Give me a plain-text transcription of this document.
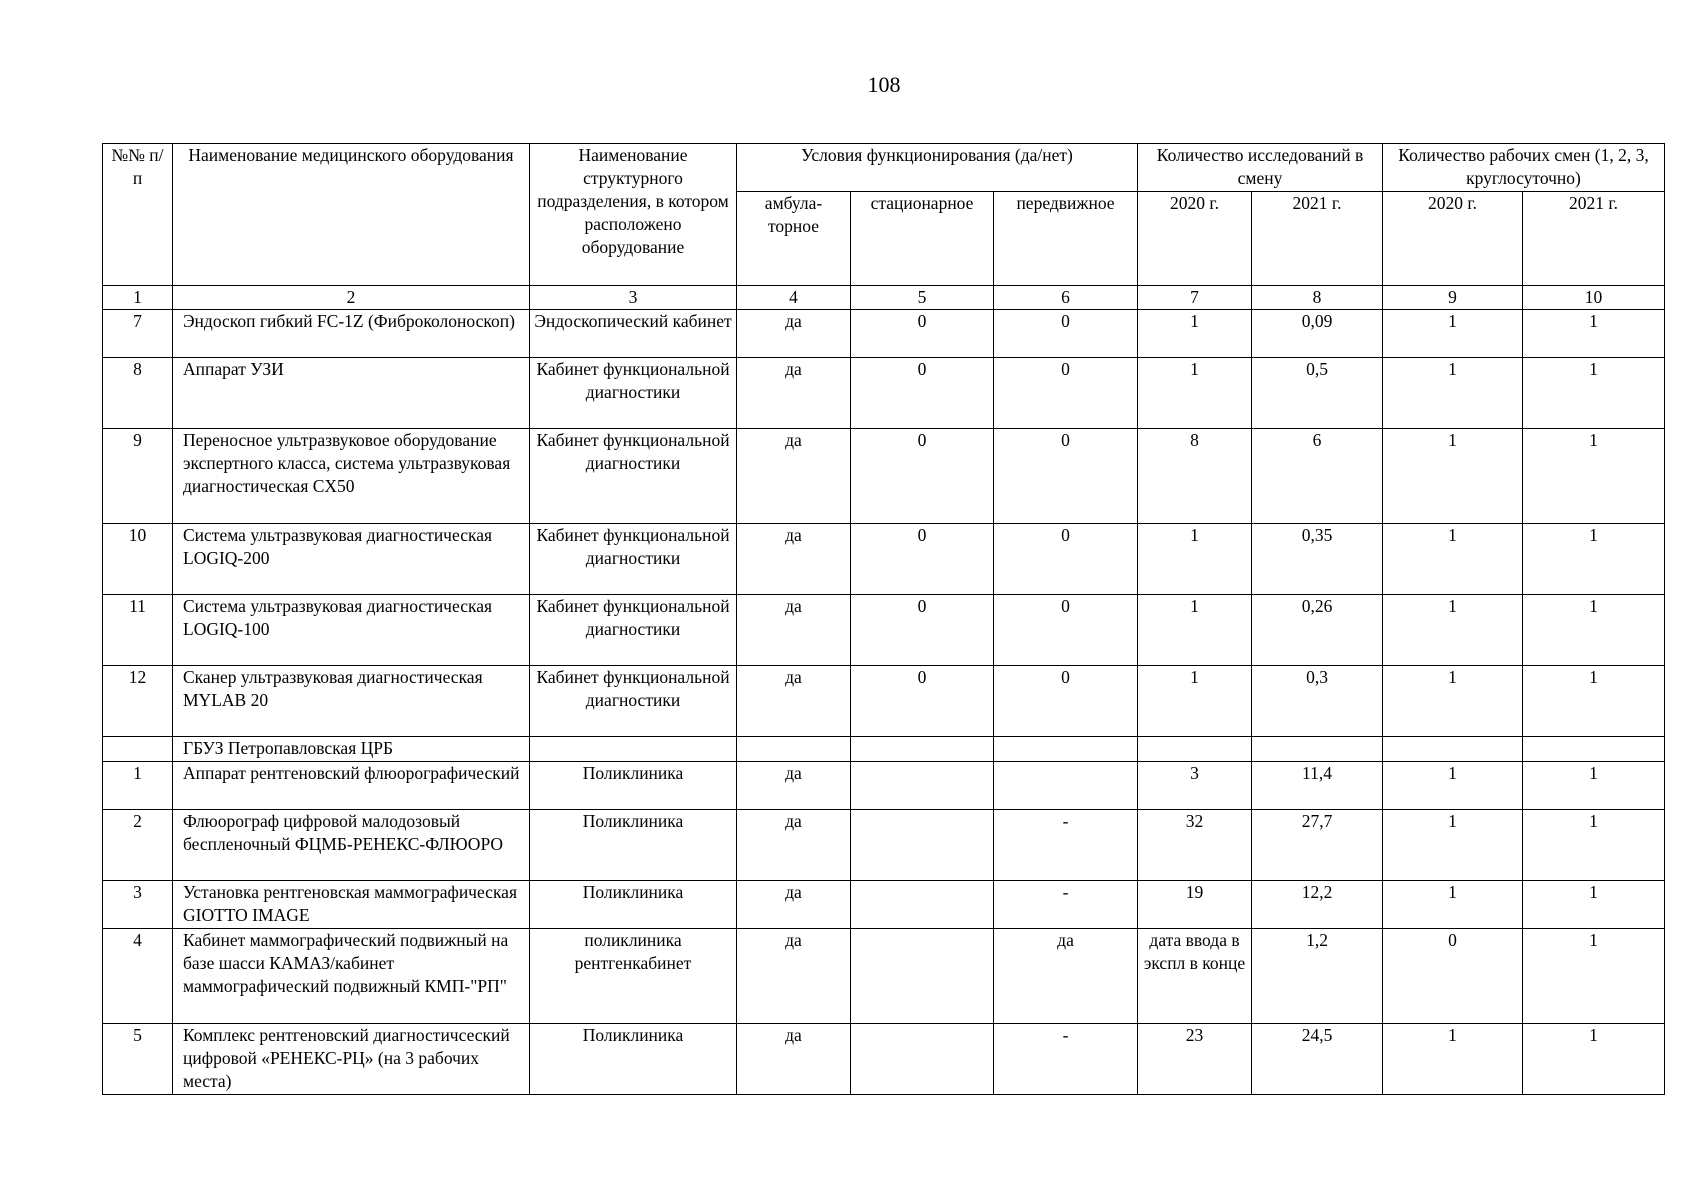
108
№№ п/п	Наименование медицинского оборудования	Наименование структурного подразделения, в котором расположено оборудование	Условия функционирования (да/нет)			Количество исследований в смену		Количество рабочих смен (1, 2, 3, круглосуточно)	
			амбула-торное	стационарное	передвижное	2020 г.	2021 г.	2020 г.	2021 г.
1	2	3	4	5	6	7	8	9	10
7	Эндоскоп гибкий FC-1Z (Фиброколоноскоп)	Эндоскопический кабинет	да	0	0	1	0,09	1	1
8	Аппарат УЗИ	Кабинет функциональной диагностики	да	0	0	1	0,5	1	1
9	Переносное ультразвуковое оборудование экспертного класса, система ультразвуковая диагностическая CX50	Кабинет функциональной диагностики	да	0	0	8	6	1	1
10	Система ультразвуковая диагностическая LOGIQ-200	Кабинет функциональной диагностики	да	0	0	1	0,35	1	1
11	Система ультразвуковая диагностическая LOGIQ-100	Кабинет функциональной диагностики	да	0	0	1	0,26	1	1
12	Сканер ультразвуковая диагностическая MYLAB 20	Кабинет функциональной диагностики	да	0	0	1	0,3	1	1
	ГБУЗ Петропавловская ЦРБ								
1	Аппарат рентгеновский флюорографический	Поликлиника	да			3	11,4	1	1
2	Флюорограф цифровой малодозовый беспленочный ФЦМБ-РЕНЕКС-ФЛЮОРО	Поликлиника	да		-	32	27,7	1	1
3	Установка рентгеновская маммографическая GIOTTO IMAGE	Поликлиника	да		-	19	12,2	1	1
4	Кабинет маммографический подвижный на базе шасси КАМАЗ/кабинет маммографический подвижный КМП-"РП"	поликлиника рентгенкабинет	да		да	дата ввода в экспл в конце	1,2	0	1
5	Комплекс рентгеновский диагностичсеский цифровой «РЕНЕКС-РЦ» (на 3 рабочих места)	Поликлиника	да		-	23	24,5	1	1
